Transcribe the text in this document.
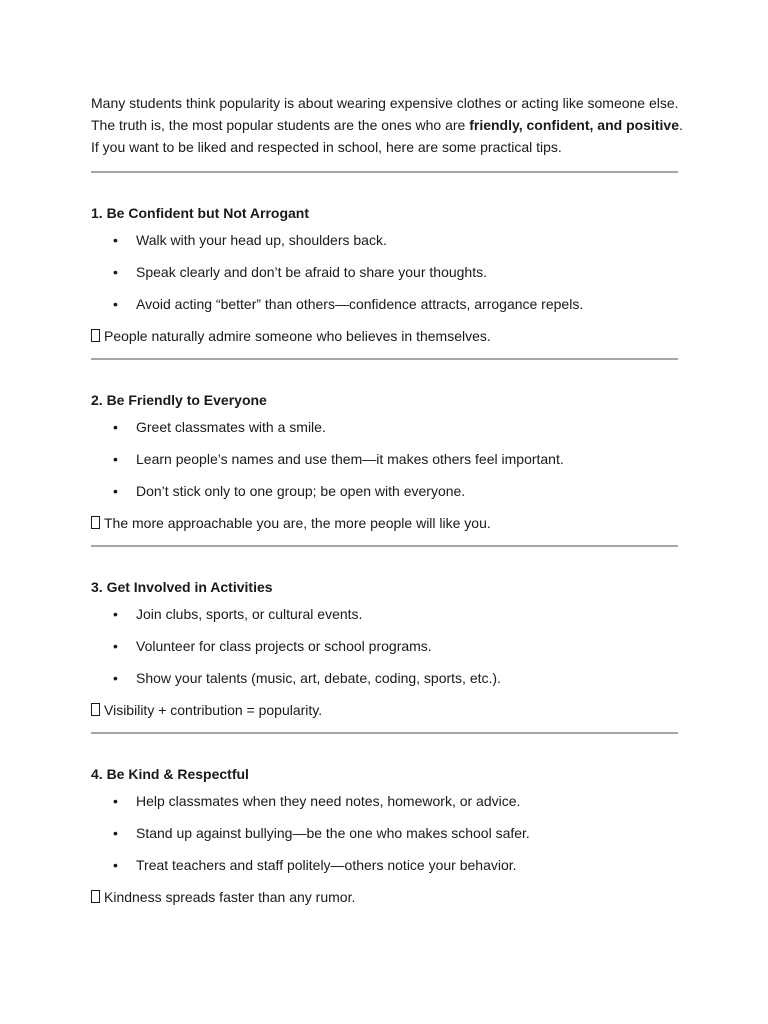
Many students think popularity is about wearing expensive clothes or acting like someone else.

The truth is, the most popular students are the ones who are friendly, confident, and positive.

If you want to be liked and respected in school, here are some practical tips.

1. Be Confident but Not Arrogant
• Walk with your head up, shoulders back.
• Speak clearly and don’t be afraid to share your thoughts.
• Avoid acting “better” than others—confidence attracts, arrogance repels.

People naturally admire someone who believes in themselves.

2. Be Friendly to Everyone
• Greet classmates with a smile.
• Learn people’s names and use them—it makes others feel important.
• Don’t stick only to one group; be open with everyone.

The more approachable you are, the more people will like you.

3. Get Involved in Activities
• Join clubs, sports, or cultural events.
• Volunteer for class projects or school programs.
• Show your talents (music, art, debate, coding, sports, etc.).

Visibility + contribution = popularity.

4. Be Kind & Respectful
• Help classmates when they need notes, homework, or advice.
• Stand up against bullying—be the one who makes school safer.
• Treat teachers and staff politely—others notice your behavior.

Kindness spreads faster than any rumor.
